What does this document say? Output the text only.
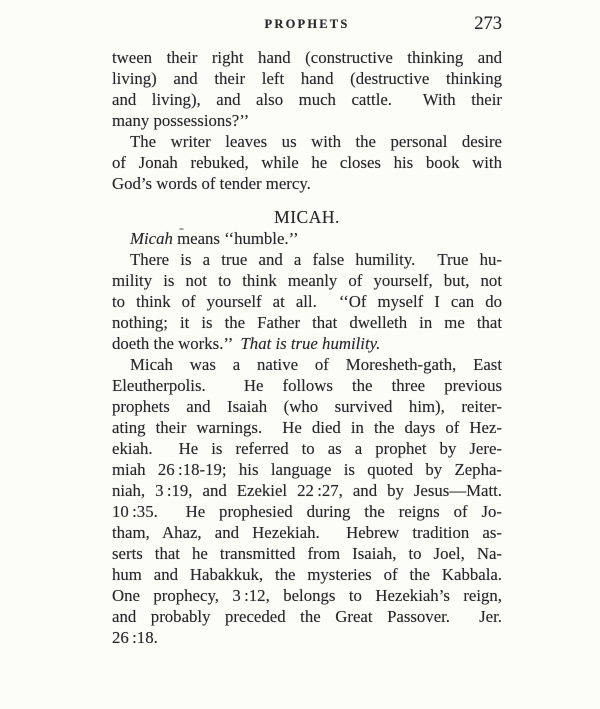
PROPHETS	273
tween their right hand (constructive thinking and
living) and their left hand (destructive thinking
and living), and also much cattle.  With their
many possessions?’’
The writer leaves us with the personal desire
of Jonah rebuked, while he closes his book with
God’s words of tender mercy.
MICAH.
Micah means ‘‘humble.’’
There is a true and a false humility.  True hu-
mility is not to think meanly of yourself, but, not
to think of yourself at all.  ‘‘Of myself I can do
nothing; it is the Father that dwelleth in me that
doeth the works.’’  That is true humility.
Micah was a native of Moresheth-gath, East
Eleutherpolis.  He follows the three previous
prophets and Isaiah (who survived him), reiter-
ating their warnings.  He died in the days of Hez-
ekiah.  He is referred to as a prophet by Jere-
miah 26 :18-19; his language is quoted by Zepha-
niah, 3 :19, and Ezekiel 22 :27, and by Jesus—Matt.
10 :35.  He prophesied during the reigns of Jo-
tham, Ahaz, and Hezekiah.  Hebrew tradition as-
serts that he transmitted from Isaiah, to Joel, Na-
hum and Habakkuk, the mysteries of the Kabbala.
One prophecy, 3 :12, belongs to Hezekiah’s reign,
and probably preceded the Great Passover.  Jer.
26 :18.
